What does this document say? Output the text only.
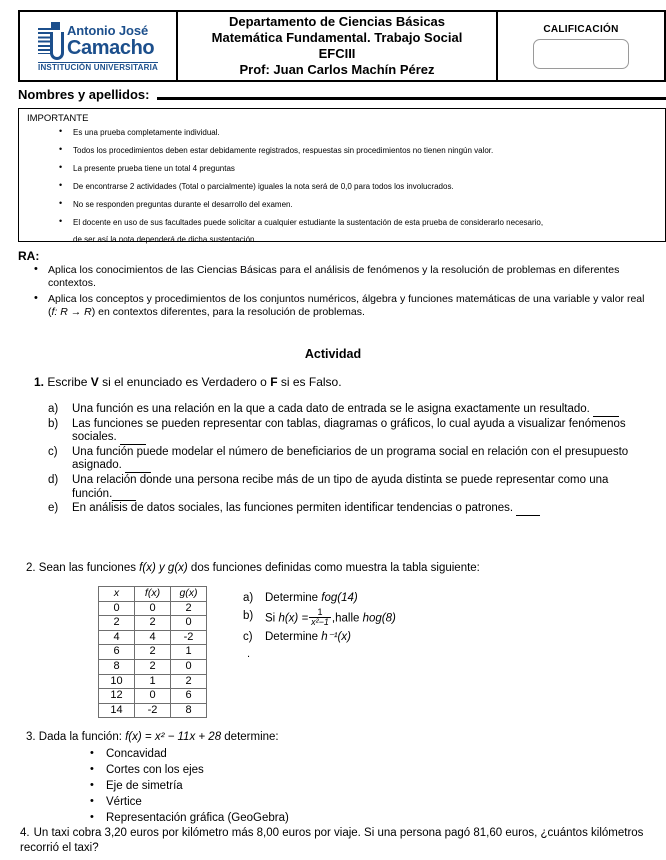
Antonio José
Camacho
INSTITUCIÓN UNIVERSITARIA
Departamento de Ciencias Básicas
Matemática Fundamental. Trabajo Social
EFCIII
Prof: Juan Carlos Machín Pérez
CALIFICACIÓN
Nombres y apellidos:
IMPORTANTE
• Es una prueba completamente individual.
• Todos los procedimientos deben estar debidamente registrados, respuestas sin procedimientos no tienen ningún valor.
• La presente prueba tiene un total 4 preguntas
• De encontrarse 2 actividades (Total o parcialmente) iguales la nota será de 0,0 para todos los involucrados.
• No se responden preguntas durante el desarrollo del examen.
• El docente en uso de sus facultades puede solicitar a cualquier estudiante la sustentación de esta prueba de considerarlo necesario,
de ser así la nota dependerá de dicha sustentación.
RA:
• Aplica los conocimientos de las Ciencias Básicas para el análisis de fenómenos y la resolución de problemas en diferentes contextos.
• Aplica los conceptos y procedimientos de los conjuntos numéricos, álgebra y funciones matemáticas de una variable y valor real (f: R → R) en contextos diferentes, para la resolución de problemas.
Actividad
1. Escribe V si el enunciado es Verdadero o F si es Falso.
a) Una función es una relación en la que a cada dato de entrada se le asigna exactamente un resultado.
b) Las funciones se pueden representar con tablas, diagramas o gráficos, lo cual ayuda a visualizar fenómenos sociales.
c) Una función puede modelar el número de beneficiarios de un programa social en relación con el presupuesto asignado.
d) Una relación donde una persona recibe más de un tipo de ayuda distinta se puede representar como una función.
e) En análisis de datos sociales, las funciones permiten identificar tendencias o patrones.
2. Sean las funciones f(x) y g(x) dos funciones definidas como muestra la tabla siguiente:
x	f(x)	g(x)
0	0	2
2	2	0
4	4	-2
6	2	1
8	2	0
10	1	2
12	0	6
14	-2	8
a) Determine fog(14)
b) Si $h(x) = \frac{1}{\text{x²−1}}$ ,halle hog(8)
c) Determine h⁻¹(x)
.
3. Dada la función: f(x) = x² − 11x + 28 determine:
• Concavidad
• Cortes con los ejes
• Eje de simetría
• Vértice
• Representación gráfica (GeoGebra)
4. Un taxi cobra 3,20 euros por kilómetro más 8,00 euros por viaje. Si una persona pagó 81,60 euros, ¿cuántos kilómetros recorrió el taxi?
